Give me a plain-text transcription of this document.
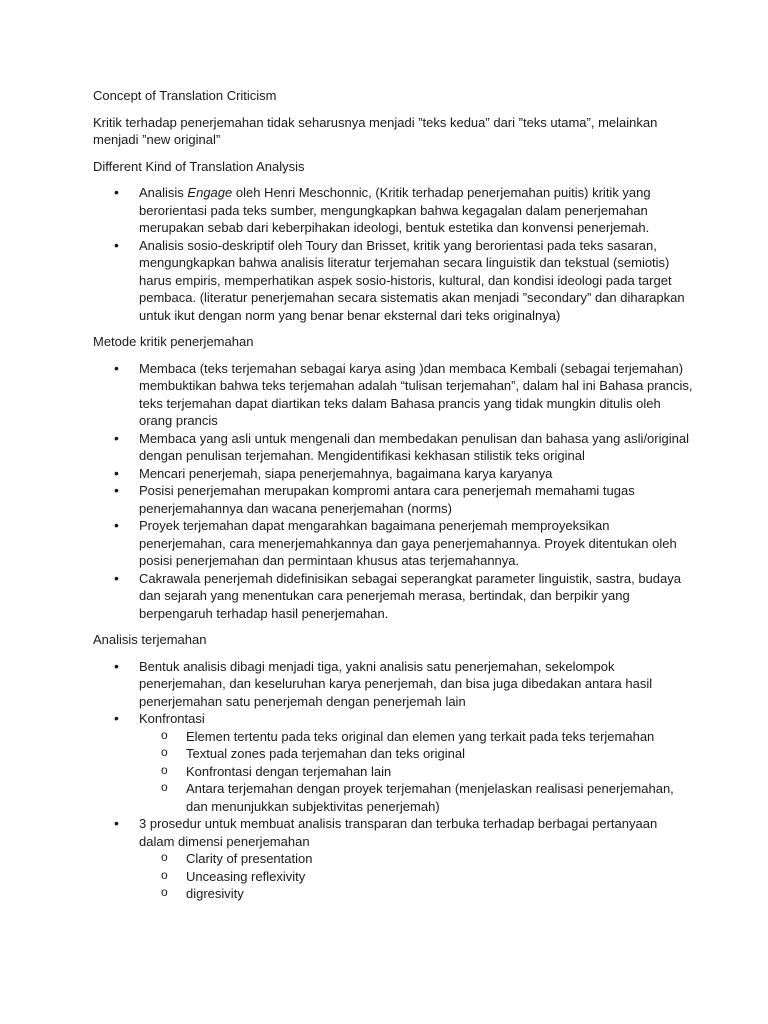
Concept of Translation Criticism

Kritik terhadap penerjemahan tidak seharusnya menjadi ”teks kedua” dari ”teks utama”, melainkan menjadi ”new original”

Different Kind of Translation Analysis

• Analisis Engage oleh Henri Meschonnic, (Kritik terhadap penerjemahan puitis) kritik yang berorientasi pada teks sumber, mengungkapkan bahwa kegagalan dalam penerjemahan merupakan sebab dari keberpihakan ideologi, bentuk estetika dan konvensi penerjemah.
• Analisis sosio-deskriptif oleh Toury dan Brisset, kritik yang berorientasi pada teks sasaran, mengungkapkan bahwa analisis literatur terjemahan secara linguistik dan tekstual (semiotis) harus empiris, memperhatikan aspek sosio-historis, kultural, dan kondisi ideologi pada target pembaca. (literatur penerjemahan secara sistematis akan menjadi ”secondary” dan diharapkan untuk ikut dengan norm yang benar benar eksternal dari teks originalnya)

Metode kritik penerjemahan

• Membaca (teks terjemahan sebagai karya asing )dan membaca Kembali (sebagai terjemahan) membuktikan bahwa teks terjemahan adalah “tulisan terjemahan”, dalam hal ini Bahasa prancis, teks terjemahan dapat diartikan teks dalam Bahasa prancis yang tidak mungkin ditulis oleh orang prancis
• Membaca yang asli untuk mengenali dan membedakan penulisan dan bahasa yang asli/original dengan penulisan terjemahan. Mengidentifikasi kekhasan stilistik teks original
• Mencari penerjemah, siapa penerjemahnya, bagaimana karya karyanya
• Posisi penerjemahan merupakan kompromi antara cara penerjemah memahami tugas penerjemahannya dan wacana penerjemahan (norms)
• Proyek terjemahan dapat mengarahkan bagaimana penerjemah memproyeksikan penerjemahan, cara menerjemahkannya dan gaya penerjemahannya. Proyek ditentukan oleh posisi penerjemahan dan permintaan khusus atas terjemahannya.
• Cakrawala penerjemah didefinisikan sebagai seperangkat parameter linguistik, sastra, budaya dan sejarah yang menentukan cara penerjemah merasa, bertindak, dan berpikir yang berpengaruh terhadap hasil penerjemahan.

Analisis terjemahan

• Bentuk analisis dibagi menjadi tiga, yakni analisis satu penerjemahan, sekelompok penerjemahan, dan keseluruhan karya penerjemah, dan bisa juga dibedakan antara hasil penerjemahan satu penerjemah dengan penerjemah lain
• Konfrontasi
o Elemen tertentu pada teks original dan elemen yang terkait pada teks terjemahan
o Textual zones pada terjemahan dan teks original
o Konfrontasi dengan terjemahan lain
o Antara terjemahan dengan proyek terjemahan (menjelaskan realisasi penerjemahan, dan menunjukkan subjektivitas penerjemah)
• 3 prosedur untuk membuat analisis transparan dan terbuka terhadap berbagai pertanyaan dalam dimensi penerjemahan
o Clarity of presentation
o Unceasing reflexivity
o digresivity
